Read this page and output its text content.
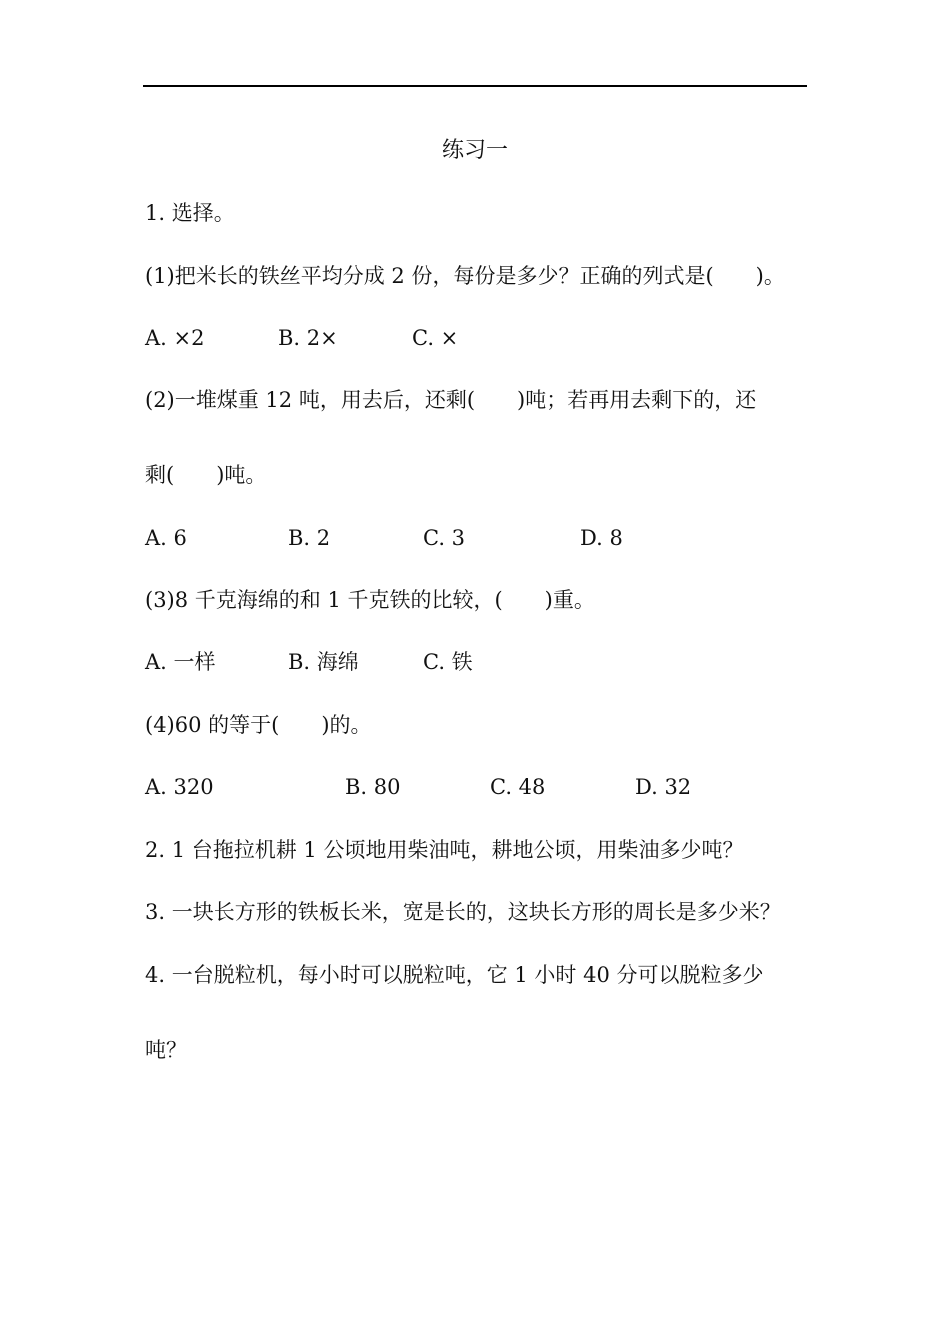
练习一
1. 选择。
(1)把米长的铁丝平均分成 2 份，每份是多少？正确的列式是(　　)。
A. ×2	B. 2×	C. ×
(2)一堆煤重 12 吨，用去后，还剩(　　)吨；若再用去剩下的，还
剩(　　)吨。
A. 6	B. 2	C. 3	D. 8
(3)8 千克海绵的和 1 千克铁的比较，(　　)重。
A. 一样	B. 海绵	C. 铁
(4)60 的等于(　　)的。
A. 320	B. 80	C. 48	D. 32
2. 1 台拖拉机耕 1 公顷地用柴油吨，耕地公顷，用柴油多少吨？
3. 一块长方形的铁板长米，宽是长的，这块长方形的周长是多少米？
4. 一台脱粒机，每小时可以脱粒吨，它 1 小时 40 分可以脱粒多少
吨？
